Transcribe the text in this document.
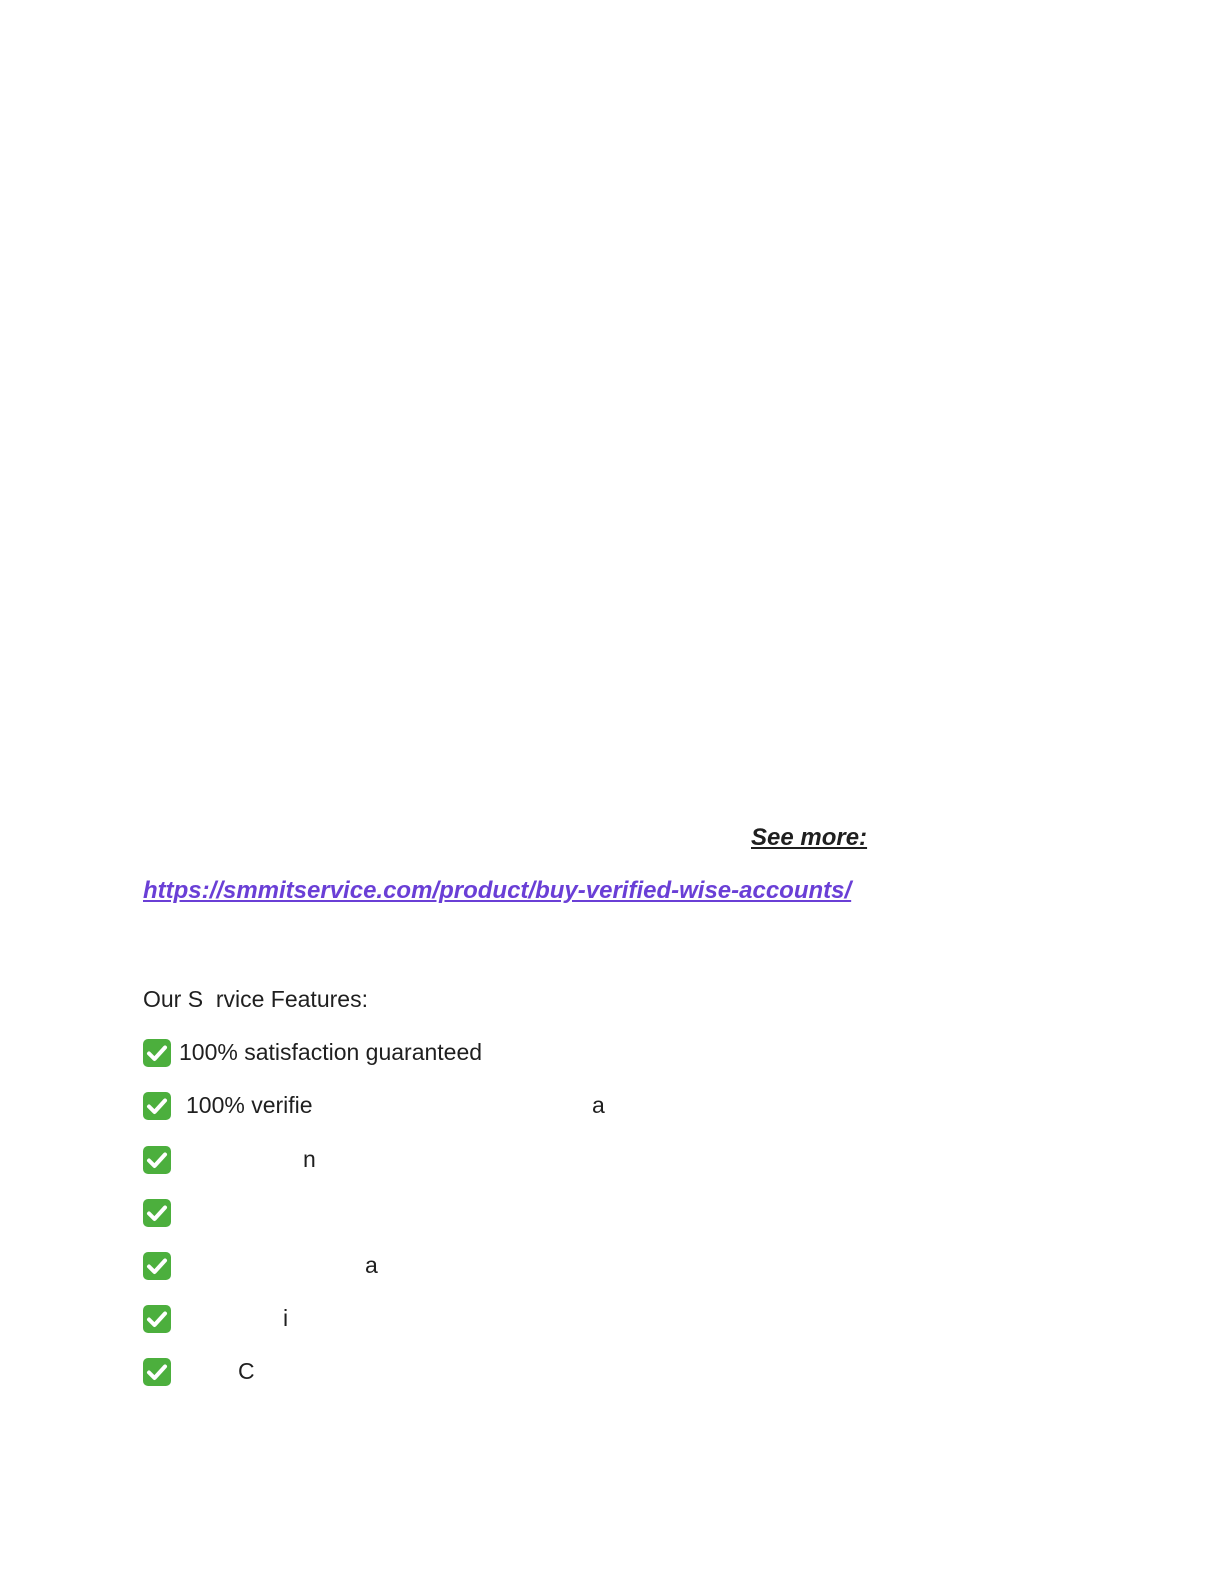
See more:
https://smmitservice.com/product/buy-verified-wise-accounts/
Our S  rvice Features:
100% satisfaction guaranteed
100% verifie	a
n
a
i
C
